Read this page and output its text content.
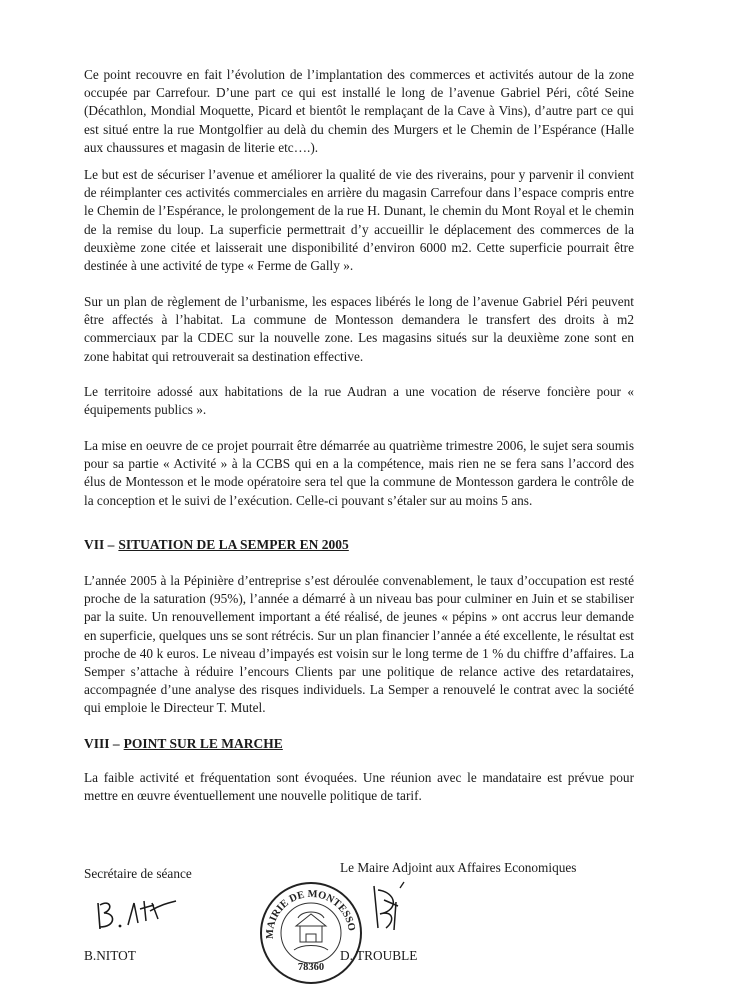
Ce point recouvre en fait l’évolution de l’implantation des commerces et activités autour de la zone occupée par Carrefour. D’une part ce qui est installé le long de l’avenue Gabriel Péri, côté Seine (Décathlon, Mondial Moquette, Picard et bientôt le remplaçant de la Cave à Vins), d’autre part ce qui est situé entre la rue Montgolfier au delà du chemin des Murgers et le Chemin de l’Espérance (Halle aux chaussures et magasin de literie etc….).

Le but est de sécuriser l’avenue et améliorer la qualité de vie des riverains, pour y parvenir il convient de réimplanter ces activités commerciales en arrière du magasin Carrefour dans l’espace compris entre le Chemin de l’Espérance, le prolongement de la rue H. Dunant, le chemin du Mont Royal et le chemin de la remise du loup. La superficie permettrait d’y accueillir le déplacement des commerces de la deuxième zone citée et laisserait une disponibilité d’environ 6000 m2. Cette superficie pourrait être destinée à une activité de type « Ferme de Gally ».

Sur un plan de règlement de l’urbanisme, les espaces libérés le long de l’avenue Gabriel Péri peuvent être affectés à l’habitat. La commune de Montesson demandera le transfert des droits à m2 commerciaux par la CDEC sur la nouvelle zone. Les magasins situés sur la deuxième zone sont en zone habitat qui retrouverait sa destination effective.

Le territoire adossé aux habitations de la rue Audran a une vocation de réserve foncière pour « équipements publics ».

La mise en oeuvre de ce projet pourrait être démarrée au quatrième trimestre 2006, le sujet sera soumis pour sa partie « Activité » à la CCBS qui en a la compétence, mais rien ne se fera sans l’accord des élus de Montesson et le mode opératoire sera tel que la commune de Montesson gardera le contrôle de la conception et le suivi de l’exécution. Celle-ci pouvant s’étaler sur au moins 5 ans.

VII – SITUATION DE LA SEMPER EN 2005

L’année 2005 à la Pépinière d’entreprise s’est déroulée convenablement, le taux d’occupation est resté proche de la saturation (95%), l’année a démarré à un niveau bas pour culminer en Juin et se stabiliser par la suite. Un renouvellement important a été réalisé, de jeunes « pépins » ont accrus leur demande en superficie, quelques uns se sont rétrécis. Sur un plan financier l’année a été excellente, le résultat est proche de 40 k euros. Le niveau d’impayés est voisin sur le long terme de 1 % du chiffre d’affaires. La Semper s’attache à réduire l’encours Clients par une politique de relance active des retardataires, accompagnée d’une analyse des risques individuels. La Semper a renouvelé le contrat avec la société qui emploie le Directeur T. Mutel.

VIII – POINT SUR LE MARCHE

La faible activité et fréquentation sont évoquées. Une réunion avec le mandataire est prévue pour mettre en œuvre éventuellement une nouvelle politique de tarif.

Secrétaire de séance	Le Maire Adjoint aux Affaires Economiques

B.NITOT

MAIRIE DE MONTESSON
78360

D. TROUBLE
